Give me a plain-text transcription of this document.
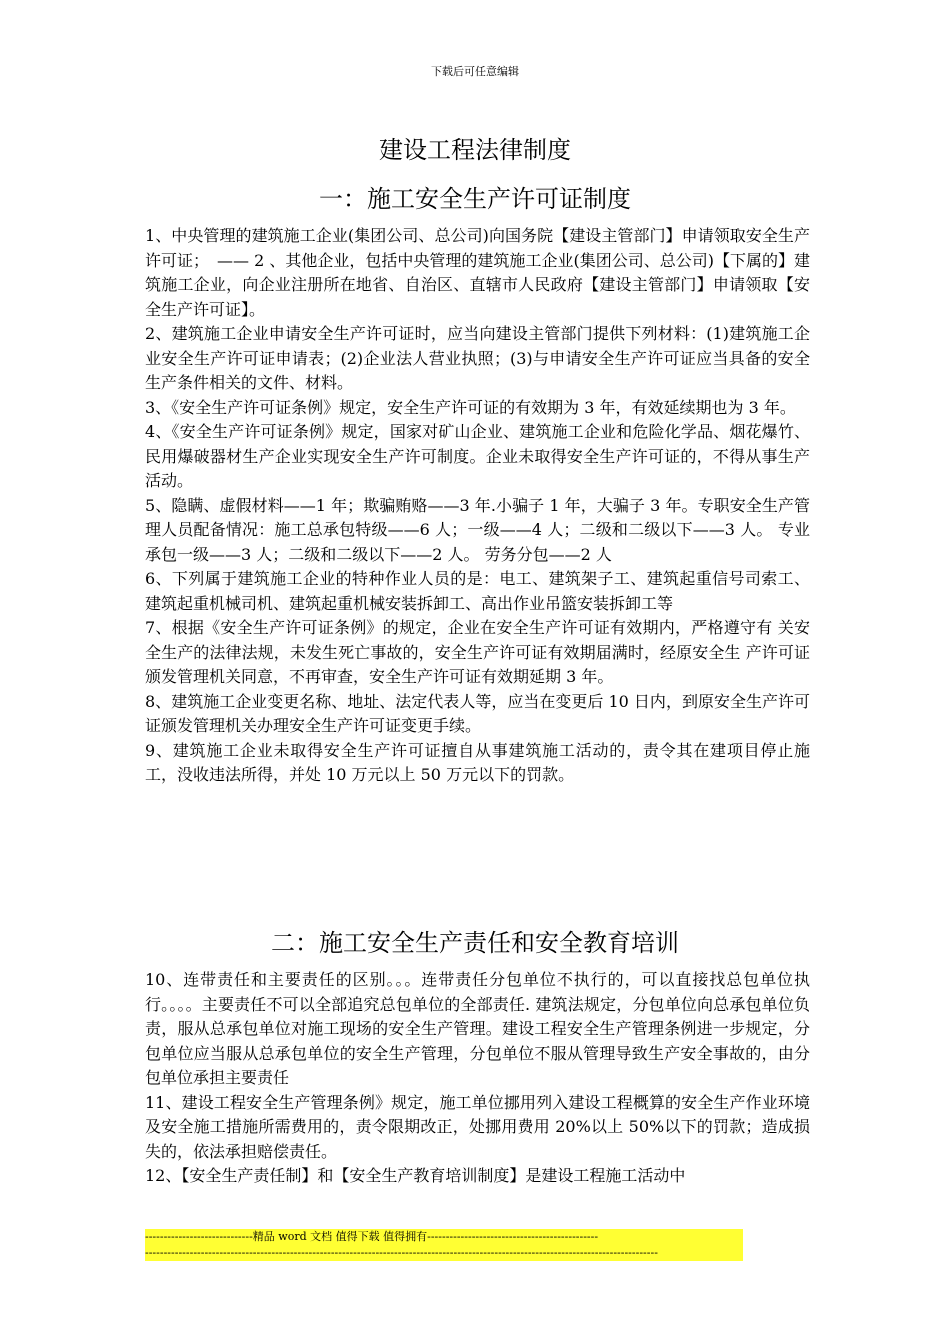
下载后可任意编辑
建设工程法律制度
一：施工安全生产许可证制度

1、中央管理的建筑施工企业(集团公司、总公司)向国务院【建设主管部门】申请领取安全生产许可证；　—— 2 、其他企业，包括中央管理的建筑施工企业(集团公司、总公司)【下属的】建筑施工企业，向企业注册所在地省、自治区、直辖市人民政府【建设主管部门】申请领取【安全生产许可证】。

2、建筑施工企业申请安全生产许可证时，应当向建设主管部门提供下列材料：(1)建筑施工企业安全生产许可证申请表；(2)企业法人营业执照；(3)与申请安全生产许可证应当具备的安全生产条件相关的文件、材料。

3、《安全生产许可证条例》规定，安全生产许可证的有效期为 3 年，有效延续期也为 3 年。

4、《安全生产许可证条例》规定，国家对矿山企业、建筑施工企业和危险化学品、烟花爆竹、民用爆破器材生产企业实现安全生产许可制度。企业未取得安全生产许可证的，不得从事生产活动。

5、隐瞒、虚假材料——1 年；欺骗贿赂——3 年.小骗子 1 年，大骗子 3 年。专职安全生产管理人员配备情况：施工总承包特级——6 人；一级——4 人；二级和二级以下——3 人。 专业承包一级——3 人；二级和二级以下——2 人。 劳务分包——2 人

6、下列属于建筑施工企业的特种作业人员的是：电工、建筑架子工、建筑起重信号司索工、建筑起重机械司机、建筑起重机械安装拆卸工、高出作业吊篮安装拆卸工等

7、根据《安全生产许可证条例》的规定，企业在安全生产许可证有效期内，严格遵守有 关安全生产的法律法规，未发生死亡事故的，安全生产许可证有效期届满时，经原安全生 产许可证颁发管理机关同意，不再审查，安全生产许可证有效期延期 3 年。

8、建筑施工企业变更名称、地址、法定代表人等，应当在变更后 10 日内，到原安全生产许可证颁发管理机关办理安全生产许可证变更手续。

9、建筑施工企业未取得安全生产许可证擅自从事建筑施工活动的，责令其在建项目停止施工，没收违法所得，并处 10 万元以上 50 万元以下的罚款。

二：施工安全生产责任和安全教育培训

10、连带责任和主要责任的区别。。。连带责任分包单位不执行的，可以直接找总包单位执行。。。。主要责任不可以全部追究总包单位的全部责任. 建筑法规定，分包单位向总承包单位负责，服从总承包单位对施工现场的安全生产管理。建设工程安全生产管理条例进一步规定，分包单位应当服从总承包单位的安全生产管理，分包单位不服从管理导致生产安全事故的，由分包单位承担主要责任

11、建设工程安全生产管理条例》规定，施工单位挪用列入建设工程概算的安全生产作业环境及安全施工措施所需费用的，责令限期改正，处挪用费用 20%以上 50%以下的罚款；造成损失的，依法承担赔偿责任。

12、【安全生产责任制】和【安全生产教育培训制度】是建设工程施工活动中

-----------------------------精品 word 文档 值得下载 值得拥有----------------------------------------------
------------------------------------------------------------------------------------------------------------------------------------------
